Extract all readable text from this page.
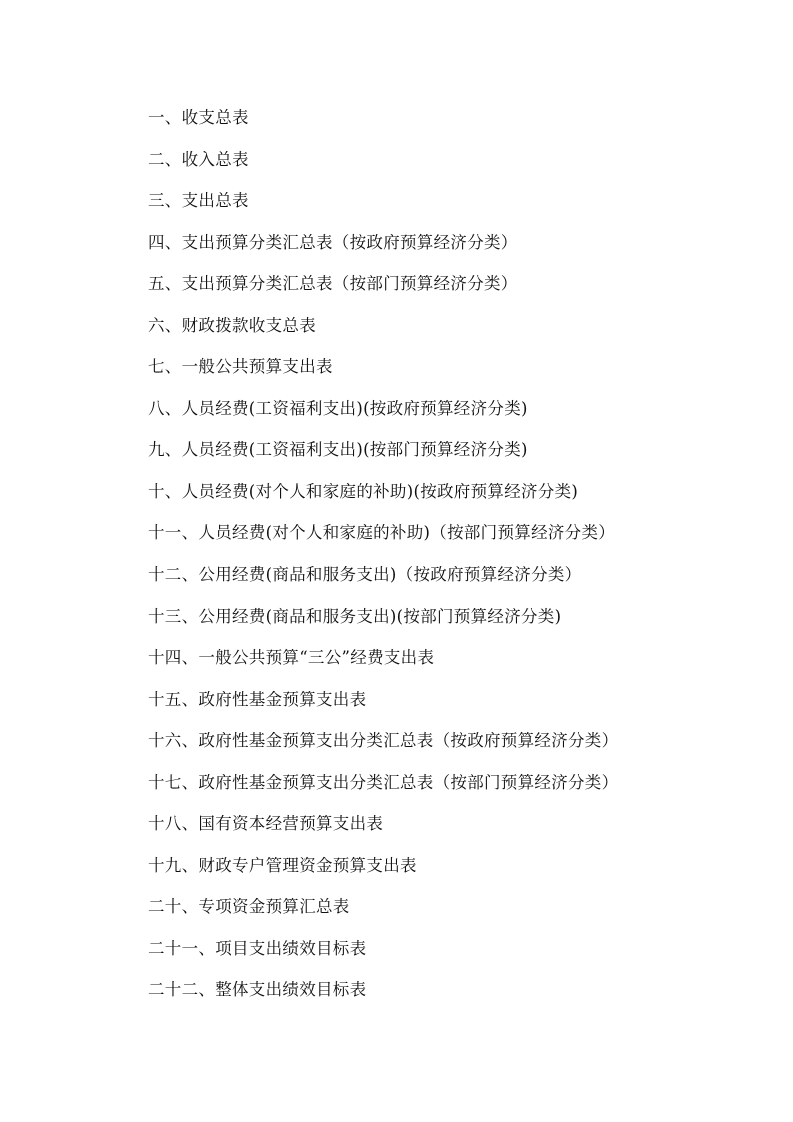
一、收支总表
二、收入总表
三、支出总表
四、支出预算分类汇总表（按政府预算经济分类）
五、支出预算分类汇总表（按部门预算经济分类）
六、财政拨款收支总表
七、一般公共预算支出表
八、人员经费(工资福利支出)(按政府预算经济分类)
九、人员经费(工资福利支出)(按部门预算经济分类)
十、人员经费(对个人和家庭的补助)(按政府预算经济分类)
十一、人员经费(对个人和家庭的补助)（按部门预算经济分类）
十二、公用经费(商品和服务支出)（按政府预算经济分类）
十三、公用经费(商品和服务支出)(按部门预算经济分类)
十四、一般公共预算“三公”经费支出表
十五、政府性基金预算支出表
十六、政府性基金预算支出分类汇总表（按政府预算经济分类）
十七、政府性基金预算支出分类汇总表（按部门预算经济分类）
十八、国有资本经营预算支出表
十九、财政专户管理资金预算支出表
二十、专项资金预算汇总表
二十一、项目支出绩效目标表
二十二、整体支出绩效目标表
